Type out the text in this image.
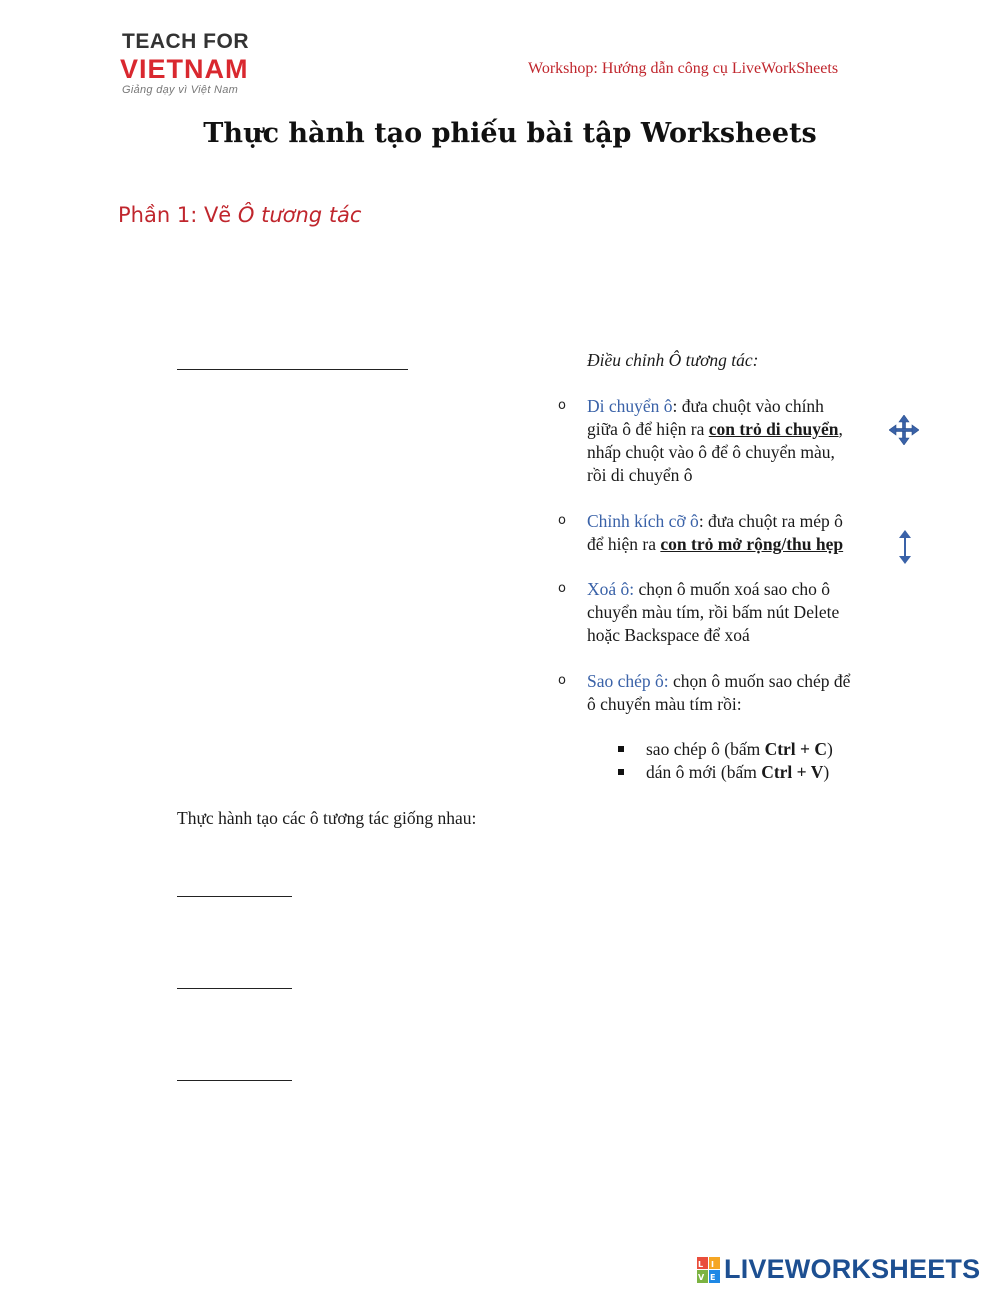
TEACH FOR
VIETNAM
Giảng dạy vì Việt Nam
Workshop: Hướng dẫn công cụ LiveWorkSheets
Thực hành tạo phiếu bài tập Worksheets
Phần 1: Vẽ Ô tương tác
Điều chỉnh Ô tương tác:
o Di chuyển ô: đưa chuột vào chính
giữa ô để hiện ra con trỏ di chuyển,
nhấp chuột vào ô để ô chuyển màu,
rồi di chuyển ô
o Chỉnh kích cỡ ô: đưa chuột ra mép ô
để hiện ra con trỏ mở rộng/thu hẹp
o Xoá ô: chọn ô muốn xoá sao cho ô
chuyển màu tím, rồi bấm nút Delete
hoặc Backspace để xoá
o Sao chép ô: chọn ô muốn sao chép để
ô chuyển màu tím rồi:
sao chép ô (bấm Ctrl + C)
dán ô mới (bấm Ctrl + V)
Thực hành tạo các ô tương tác giống nhau:
L I
V E LIVEWORKSHEETS
